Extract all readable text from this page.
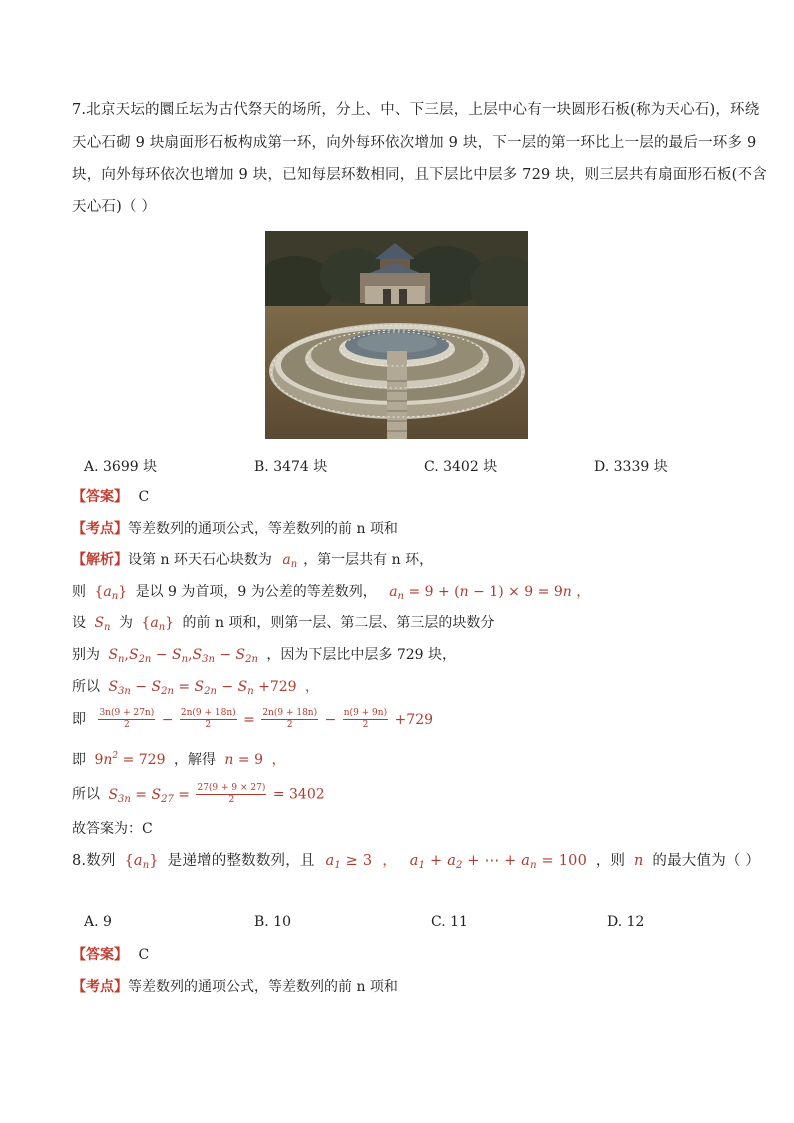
7.北京天坛的圜丘坛为古代祭天的场所，分上、中、下三层，上层中心有一块圆形石板(称为天心石)，环绕
天心石砌 9 块扇面形石板构成第一环，向外每环依次增加 9 块，下一层的第一环比上一层的最后一环多 9
块，向外每环依次也增加 9 块，已知每层环数相同，且下层比中层多 729 块，则三层共有扇面形石板(不含
天心石)（ ）
A. 3699 块	B. 3474 块	C. 3402 块	D. 3339 块
【答案】 C
【考点】等差数列的通项公式，等差数列的前 n 项和
【解析】设第 n 环天石心块数为 $a_n$ ，第一层共有 n 环，
则 $\{a_n\}$ 是以 9 为首项，9 为公差的等差数列， $a_n = 9 + (n - 1) \times 9 = 9n$ ，
设 $S_n$ 为 $\{a_n\}$ 的前 n 项和，则第一层、第二层、第三层的块数分
别为 $S_n,S_{2n} - S_n,S_{3n} - S_{2n}$ ，因为下层比中层多 729 块，
所以 $S_{3n} - S_{2n} = S_{2n} - S_n +729$ ，
即 $\frac{3n(9 + 27n)}{2} - \frac{2n(9 + 18n)}{2} = \frac{2n(9 + 18n)}{2} - \frac{n(9 + 9n)}{2} +729$
即 $9n^2 = 729$ ，解得 n = 9 ，
所以 $S_{3n} = S_{27} = \frac{27(9 + 9 \times 27)}{2} = 3402$
故答案为：C
8.数列 $\{a_n\}$ 是递增的整数数列，且 $a_1 \ge 3$ ， $a_1 + a_2$ + ⋯ + $a_n = 100$ ，则 n 的最大值为（ ）
A. 9	B. 10	C. 11	D. 12
【答案】 C
【考点】等差数列的通项公式，等差数列的前 n 项和
